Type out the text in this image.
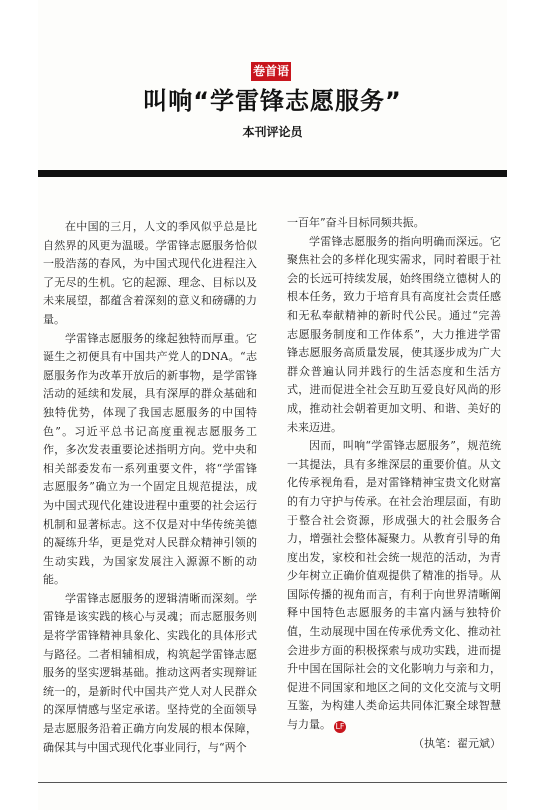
卷首语
叫响“学雷锋志愿服务”
本刊评论员

在中国的三月，人文的季风似乎总是比自然界的风更为温暖。学雷锋志愿服务恰似一股浩荡的春风，为中国式现代化进程注入了无尽的生机。它的起源、理念、目标以及未来展望，都蕴含着深刻的意义和磅礴的力量。

学雷锋志愿服务的缘起独特而厚重。它诞生之初便具有中国共产党人的DNA。“志愿服务作为改革开放后的新事物，是学雷锋活动的延续和发展，具有深厚的群众基础和独特优势，体现了我国志愿服务的中国特色”。习近平总书记高度重视志愿服务工作，多次发表重要论述指明方向。党中央和相关部委发布一系列重要文件，将“学雷锋志愿服务”确立为一个固定且规范提法，成为中国式现代化建设进程中重要的社会运行机制和显著标志。这不仅是对中华传统美德的凝练升华，更是党对人民群众精神引领的生动实践，为国家发展注入源源不断的动能。

学雷锋志愿服务的逻辑清晰而深刻。学雷锋是该实践的核心与灵魂；而志愿服务则是将学雷锋精神具象化、实践化的具体形式与路径。二者相辅相成，构筑起学雷锋志愿服务的坚实逻辑基础。推动这两者实现辩证统一的，是新时代中国共产党人对人民群众的深厚情感与坚定承诺。坚持党的全面领导是志愿服务沿着正确方向发展的根本保障，确保其与中国式现代化事业同行，与“两个

一百年”奋斗目标同频共振。

学雷锋志愿服务的指向明确而深远。它聚焦社会的多样化现实需求，同时着眼于社会的长远可持续发展，始终围绕立德树人的根本任务，致力于培育具有高度社会责任感和无私奉献精神的新时代公民。通过“完善志愿服务制度和工作体系”，大力推进学雷锋志愿服务高质量发展，使其逐步成为广大群众普遍认同并践行的生活态度和生活方式，进而促进全社会互助互爱良好风尚的形成，推动社会朝着更加文明、和谐、美好的未来迈进。

因而，叫响“学雷锋志愿服务”，规范统一其提法，具有多维深层的重要价值。从文化传承视角看，是对雷锋精神宝贵文化财富的有力守护与传承。在社会治理层面，有助于整合社会资源，形成强大的社会服务合力，增强社会整体凝聚力。从教育引导的角度出发，家校和社会统一规范的活动，为青少年树立正确价值观提供了精准的指导。从国际传播的视角而言，有利于向世界清晰阐释中国特色志愿服务的丰富内涵与独特价值，生动展现中国在传承优秀文化、推动社会进步方面的积极探索与成功实践，进而提升中国在国际社会的文化影响力与亲和力，促进不同国家和地区之间的文化交流与文明互鉴，为构建人类命运共同体汇聚全球智慧与力量。 LF

（执笔：翟元斌）
